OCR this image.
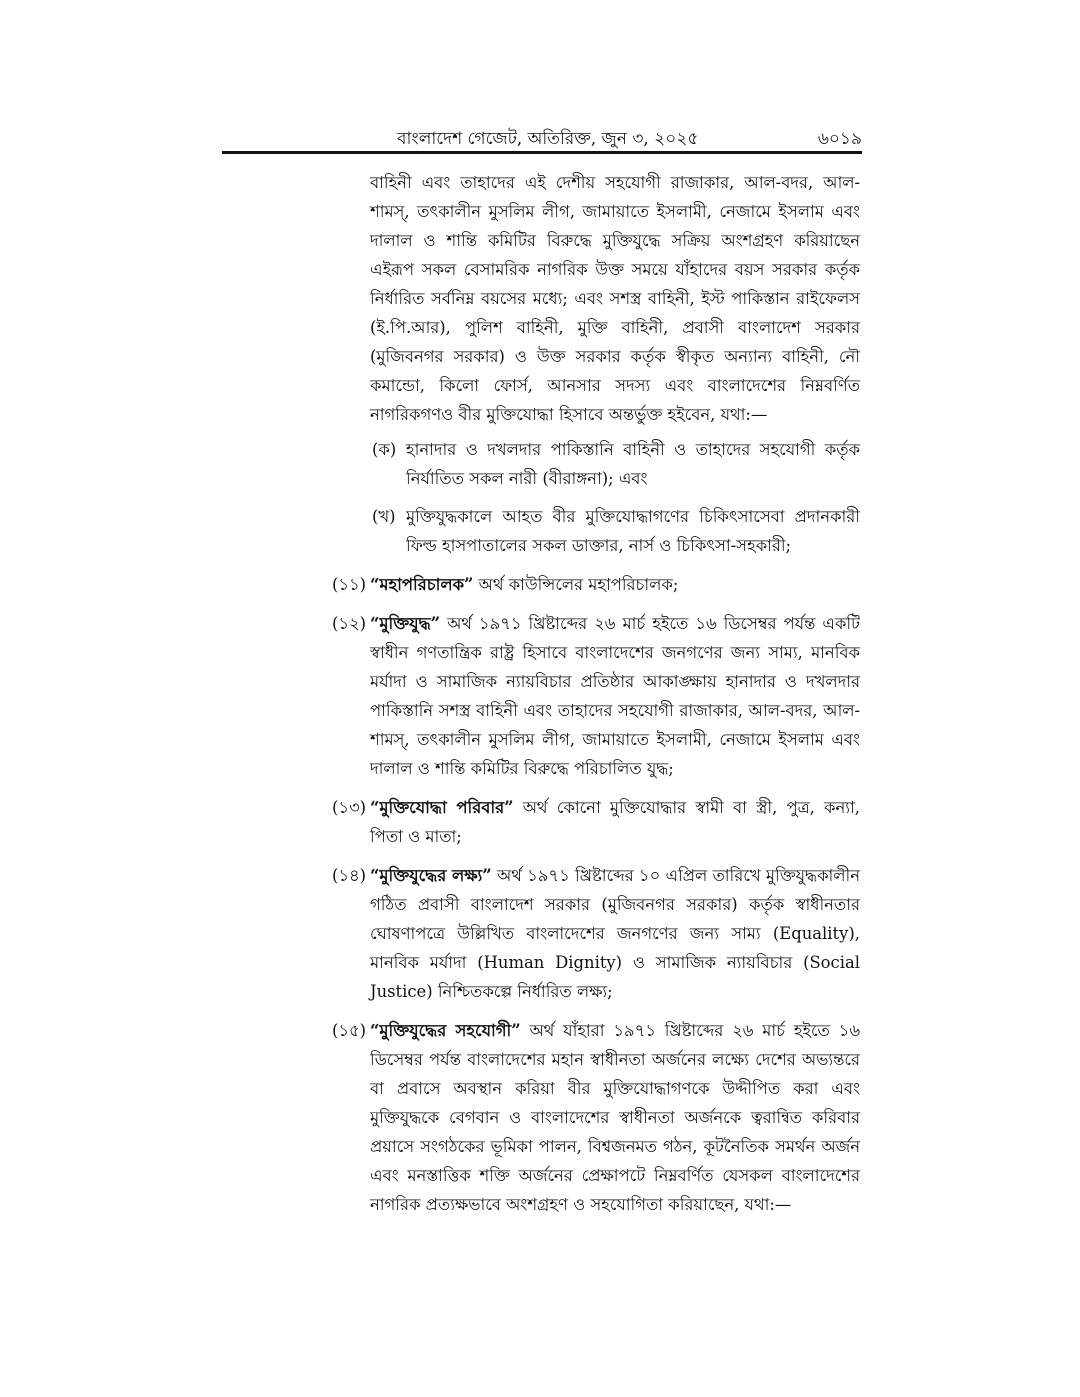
বাংলাদেশ গেজেট, অতিরিক্ত, জুন ৩, ২০২৫	৬০১৯

বাহিনী এবং তাহাদের এই দেশীয় সহযোগী রাজাকার, আল-বদর, আল-শামস্, তৎকালীন মুসলিম লীগ, জামায়াতে ইসলামী, নেজামে ইসলাম এবং দালাল ও শান্তি কমিটির বিরুদ্ধে মুক্তিযুদ্ধে সক্রিয় অংশগ্রহণ করিয়াছেন এইরূপ সকল বেসামরিক নাগরিক উক্ত সময়ে যাঁহাদের বয়স সরকার কর্তৃক নির্ধারিত সর্বনিম্ন বয়সের মধ্যে; এবং সশস্ত্র বাহিনী, ইস্ট পাকিস্তান রাইফেলস (ই.পি.আর), পুলিশ বাহিনী, মুক্তি বাহিনী, প্রবাসী বাংলাদেশ সরকার (মুজিবনগর সরকার) ও উক্ত সরকার কর্তৃক স্বীকৃত অন্যান্য বাহিনী, নৌ কমান্ডো, কিলো ফোর্স, আনসার সদস্য এবং বাংলাদেশের নিম্নবর্ণিত নাগরিকগণও বীর মুক্তিযোদ্ধা হিসাবে অন্তর্ভুক্ত হইবেন, যথা:—

(ক) হানাদার ও দখলদার পাকিস্তানি বাহিনী ও তাহাদের সহযোগী কর্তৃক নির্যাতিত সকল নারী (বীরাঙ্গনা); এবং
(খ) মুক্তিযুদ্ধকালে আহত বীর মুক্তিযোদ্ধাগণের চিকিৎসাসেবা প্রদানকারী ফিল্ড হাসপাতালের সকল ডাক্তার, নার্স ও চিকিৎসা-সহকারী;
(১১) “মহাপরিচালক” অর্থ কাউন্সিলের মহাপরিচালক;
(১২) “মুক্তিযুদ্ধ” অর্থ ১৯৭১ খ্রিষ্টাব্দের ২৬ মার্চ হইতে ১৬ ডিসেম্বর পর্যন্ত একটি স্বাধীন গণতান্ত্রিক রাষ্ট্র হিসাবে বাংলাদেশের জনগণের জন্য সাম্য, মানবিক মর্যাদা ও সামাজিক ন্যায়বিচার প্রতিষ্ঠার আকাঙ্ক্ষায় হানাদার ও দখলদার পাকিস্তানি সশস্ত্র বাহিনী এবং তাহাদের সহযোগী রাজাকার, আল-বদর, আল-শামস্, তৎকালীন মুসলিম লীগ, জামায়াতে ইসলামী, নেজামে ইসলাম এবং দালাল ও শান্তি কমিটির বিরুদ্ধে পরিচালিত যুদ্ধ;
(১৩) “মুক্তিযোদ্ধা পরিবার” অর্থ কোনো মুক্তিযোদ্ধার স্বামী বা স্ত্রী, পুত্র, কন্যা, পিতা ও মাতা;
(১৪) “মুক্তিযুদ্ধের লক্ষ্য” অর্থ ১৯৭১ খ্রিষ্টাব্দের ১০ এপ্রিল তারিখে মুক্তিযুদ্ধকালীন গঠিত প্রবাসী বাংলাদেশ সরকার (মুজিবনগর সরকার) কর্তৃক স্বাধীনতার ঘোষণাপত্রে উল্লিখিত বাংলাদেশের জনগণের জন্য সাম্য (Equality), মানবিক মর্যাদা (Human Dignity) ও সামাজিক ন্যায়বিচার (Social Justice) নিশ্চিতকল্পে নির্ধারিত লক্ষ্য;
(১৫) “মুক্তিযুদ্ধের সহযোগী” অর্থ যাঁহারা ১৯৭১ খ্রিষ্টাব্দের ২৬ মার্চ হইতে ১৬ ডিসেম্বর পর্যন্ত বাংলাদেশের মহান স্বাধীনতা অর্জনের লক্ষ্যে দেশের অভ্যন্তরে বা প্রবাসে অবস্থান করিয়া বীর মুক্তিযোদ্ধাগণকে উদ্দীপিত করা এবং মুক্তিযুদ্ধকে বেগবান ও বাংলাদেশের স্বাধীনতা অর্জনকে ত্বরান্বিত করিবার প্রয়াসে সংগঠকের ভূমিকা পালন, বিশ্বজনমত গঠন, কূটনৈতিক সমর্থন অর্জন এবং মনস্তাত্তিক শক্তি অর্জনের প্রেক্ষাপটে নিম্নবর্ণিত যেসকল বাংলাদেশের নাগরিক প্রত্যক্ষভাবে অংশগ্রহণ ও সহযোগিতা করিয়াছেন, যথা:—
